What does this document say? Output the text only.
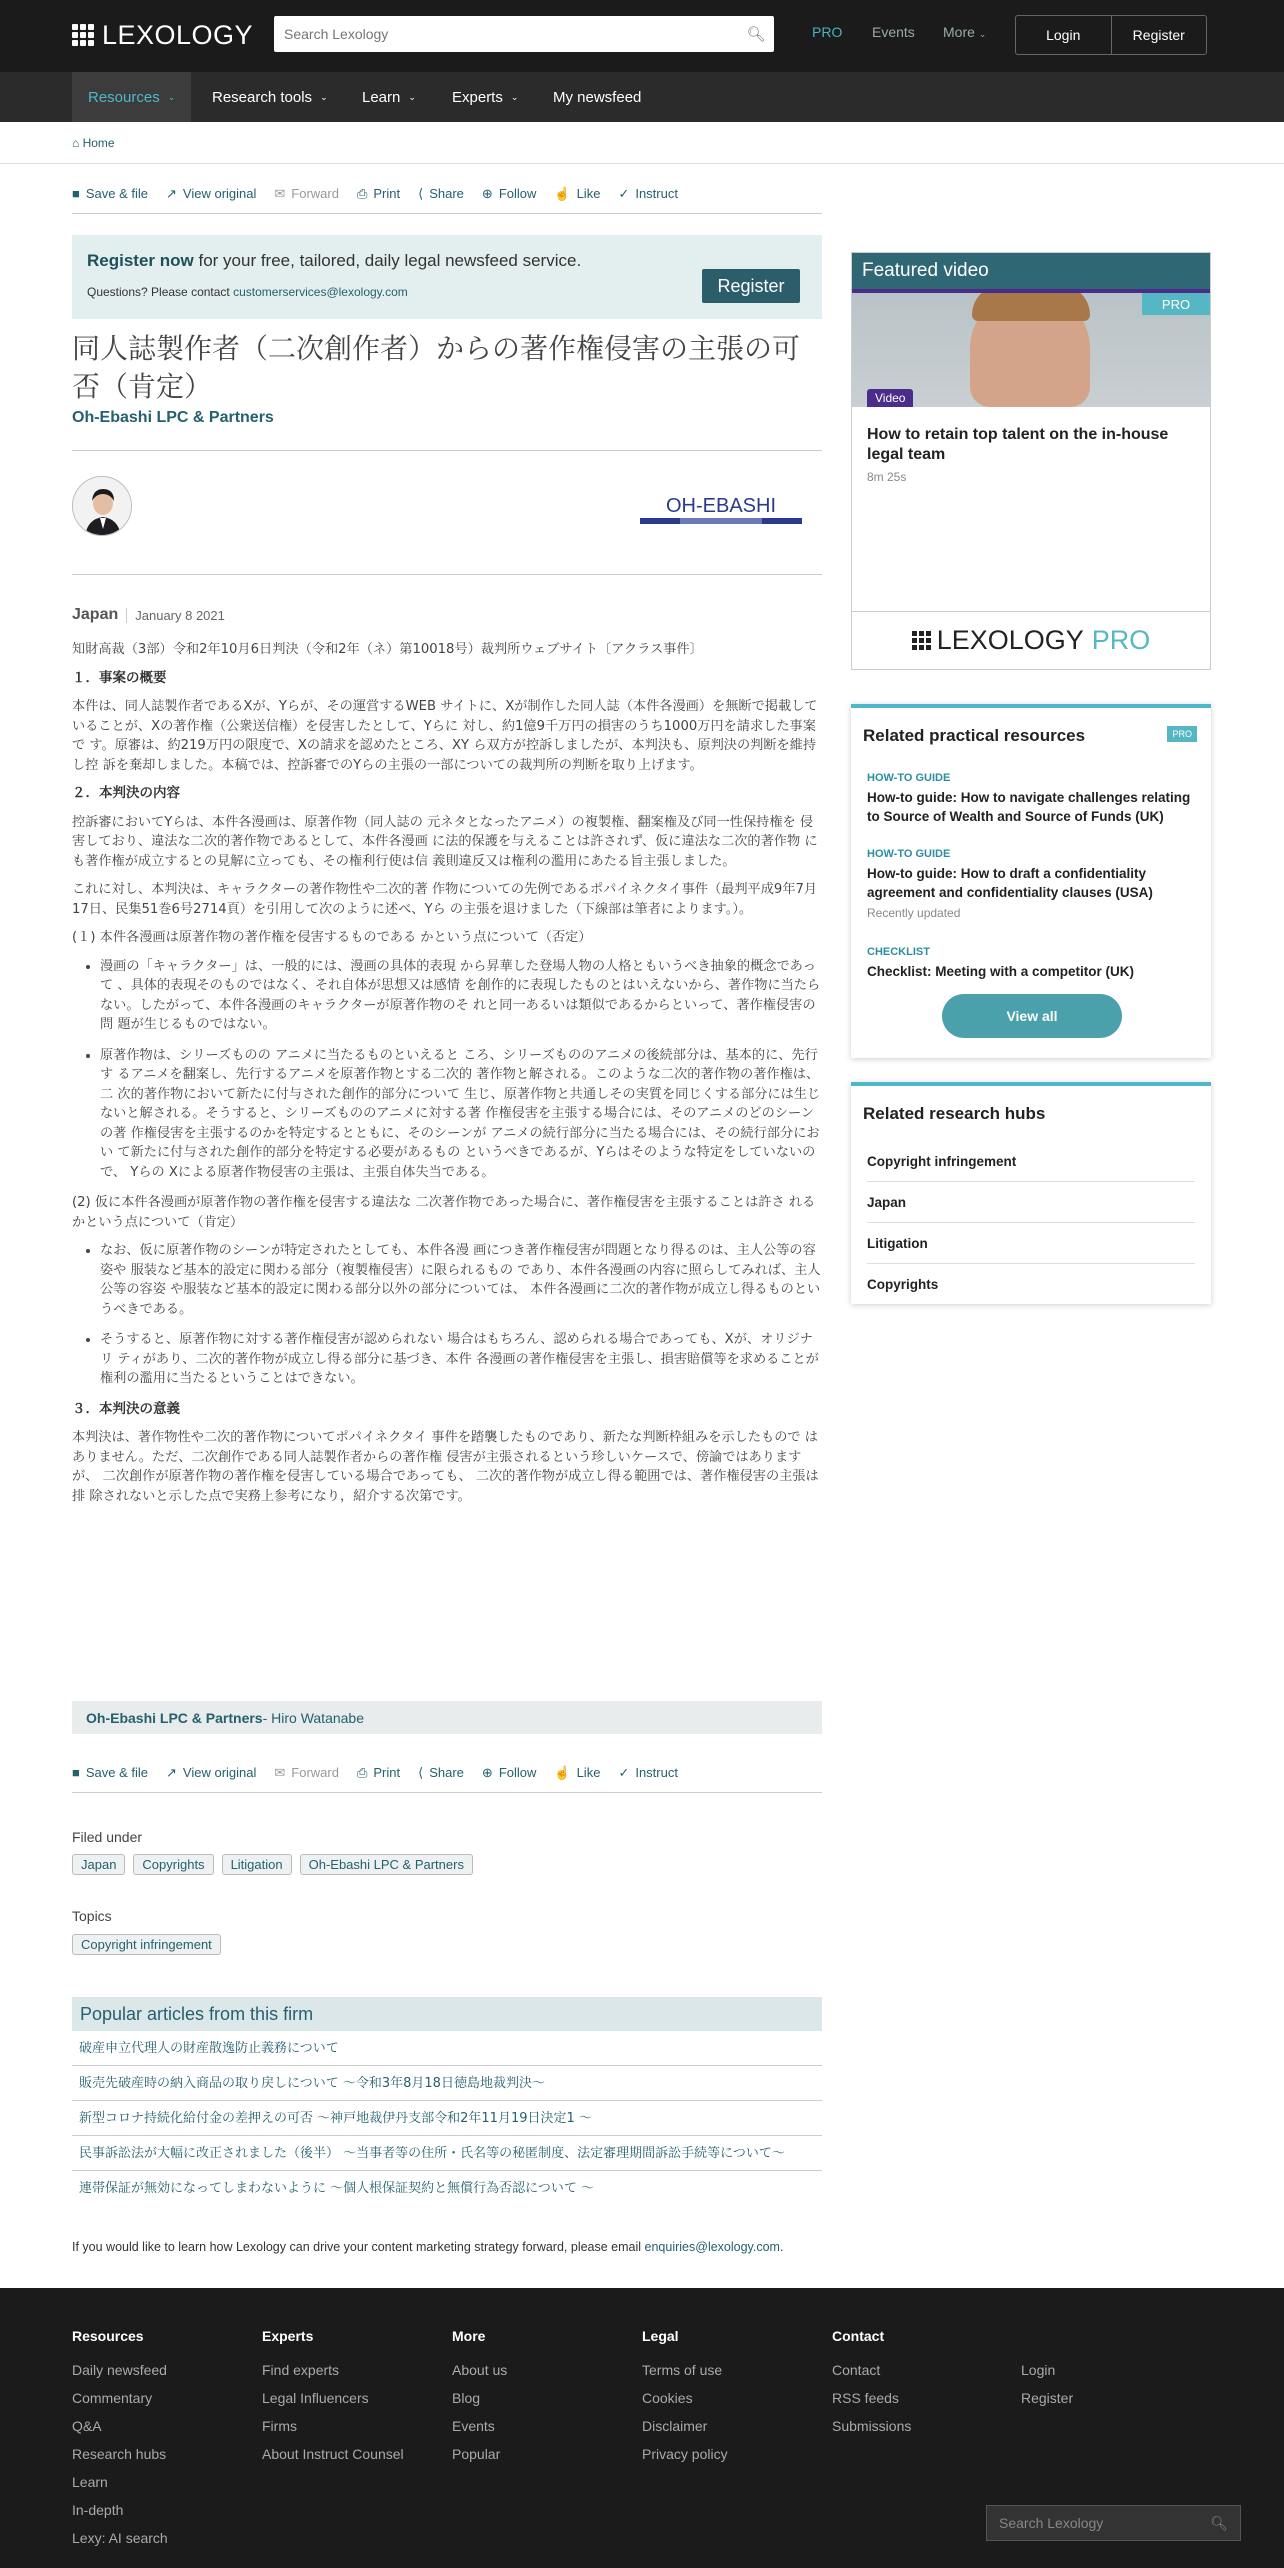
LEXOLOGY
Search Lexology	🔍︎	PRO Events More ⌄	Login	Register
Resources ⌄ Research tools ⌄ Learn ⌄ Experts ⌄ My newsfeed
⌂ Home
■ Save & file ↗ View original ✉ Forward ⎙ Print ⟨ Share ⊕ Follow ☝ Like ✓ Instruct
Register now for your free, tailored, daily legal newsfeed service.
Questions? Please contact customerservices@lexology.com	Register
同人誌製作者（二次創作者）からの著作権侵害の主張の可否（肯定）
Oh-Ebashi LPC & Partners
OH-EBASHI
Japan	January 8 2021

知財高裁（3部）令和2年10月6日判決（令和2年（ネ）第10018号）裁判所ウェブサイト〔アクラス事件〕

１．事案の概要

本件は、同人誌製作者であるXが、Yらが、その運営するWEB サイトに、Xが制作した同人誌（本件各漫画）を無断で掲載していることが、Xの著作権（公衆送信権）を侵害したとして、Yらに 対し、約1億9千万円の損害のうち1000万円を請求した事案で す。原審は、約219万円の限度で、Xの請求を認めたところ、XY ら双方が控訴しましたが、本判決も、原判決の判断を維持し控 訴を棄却しました。本稿では、控訴審でのYらの主張の一部についての裁判所の判断を取り上げます。

２．本判決の内容

控訴審においてYらは、本件各漫画は、原著作物（同人誌の 元ネタとなったアニメ）の複製権、翻案権及び同一性保持権を 侵害しており、違法な二次的著作物であるとして、本件各漫画 に法的保護を与えることは許されず、仮に違法な二次的著作物 にも著作権が成立するとの見解に立っても、その権利行使は信 義則違反又は権利の濫用にあたる旨主張しました。

これに対し、本判決は、キャラクターの著作物性や二次的著 作物についての先例であるポパイネクタイ事件（最判平成9年7月17日、民集51巻6号2714頁）を引用して次のように述べ、Yら の主張を退けました（下線部は筆者によります。）。

(１) 本件各漫画は原著作物の著作権を侵害するものである かという点について（否定）

• 漫画の「キャラクター」は、一般的には、漫画の具体的表現 から昇華した登場人物の人格ともいうべき抽象的概念であって 、具体的表現そのものではなく、それ自体が思想又は感情 を創作的に表現したものとはいえないから、著作物に当たら ない。したがって、本件各漫画のキャラクターが原著作物のそ れと同一あるいは類似であるからといって、著作権侵害の問 題が生じるものではない。
• 原著作物は、シリーズものの アニメに当たるものといえると ころ、シリーズもののアニメの後続部分は、基本的に、先行す るアニメを翻案し、先行するアニメを原著作物とする二次的 著作物と解される。このような二次的著作物の著作権は、二 次的著作物において新たに付与された創作的部分について 生じ、原著作物と共通しその実質を同じくする部分には生じ ないと解される。そうすると、シリーズもののアニメに対する著 作権侵害を主張する場合には、そのアニメのどのシーンの著 作権侵害を主張するのかを特定するとともに、そのシーンが アニメの続行部分に当たる場合には、その続行部分におい て新たに付与された創作的部分を特定する必要があるもの というべきであるが、Yらはそのような特定をしていないので、 Yらの Xによる原著作物侵害の主張は、主張自体失当である。

(2) 仮に本件各漫画が原著作物の著作権を侵害する違法な 二次著作物であった場合に、著作権侵害を主張することは許さ れるかという点について（肯定）

• なお、仮に原著作物のシーンが特定されたとしても、本件各漫 画につき著作権侵害が問題となり得るのは、主人公等の容姿や 服装など基本的設定に関わる部分（複製権侵害）に限られるもの であり、本件各漫画の内容に照らしてみれば、主人公等の容姿 や服装など基本的設定に関わる部分以外の部分については、 本件各漫画に二次的著作物が成立し得るものというべきである。
• そうすると、原著作物に対する著作権侵害が認められない 場合はもちろん、認められる場合であっても、Xが、オリジナリ ティがあり、二次的著作物が成立し得る部分に基づき、本件 各漫画の著作権侵害を主張し、損害賠償等を求めることが 権利の濫用に当たるということはできない。
３．本判決の意義

本判決は、著作物性や二次的著作物についてポパイネクタイ 事件を踏襲したものであり、新たな判断枠組みを示したもので はありません。ただ、二次創作である同人誌製作者からの著作権 侵害が主張されるという珍しいケースで、傍論ではありますが、 二次創作が原著作物の著作権を侵害している場合であっても、 二次的著作物が成立し得る範囲では、著作権侵害の主張は排 除されないと示した点で実務上参考になり，紹介する次第です。

Oh-Ebashi LPC & Partners - Hiro Watanabe
■ Save & file ↗ View original ✉ Forward ⎙ Print ⟨ Share ⊕ Follow ☝ Like ✓ Instruct
Filed under
Japan	Copyrights	Litigation	Oh-Ebashi LPC & Partners
Topics
Copyright infringement
Popular articles from this firm
破産申立代理人の財産散逸防止義務について
販売先破産時の納入商品の取り戻しについて ～令和3年8月18日徳島地裁判決～
新型コロナ持続化給付金の差押えの可否 ～神戸地裁伊丹支部令和2年11月19日決定1 ～
民事訴訟法が大幅に改正されました（後半） ～当事者等の住所・氏名等の秘匿制度、法定審理期間訴訟手続等について～
連帯保証が無効になってしまわないように ～個人根保証契約と無償行為否認について ～
If you would like to learn how Lexology can drive your content marketing strategy forward, please email enquiries@lexology.com.
Featured video
PRO
Video
How to retain top talent on the in-house legal team
8m 25s
LEXOLOGY PRO
Related practical resources	PRO
HOW-TO GUIDE
How-to guide: How to navigate challenges relating to Source of Wealth and Source of Funds (UK)
HOW-TO GUIDE
How-to guide: How to draft a confidentiality agreement and confidentiality clauses (USA)
Recently updated
CHECKLIST
Checklist: Meeting with a competitor (UK)
View all
Related research hubs
Copyright infringement
Japan
Litigation
Copyrights
Resources
Daily newsfeed
Commentary
Q&A
Research hubs
Learn
In-depth
Lexy: AI search
Experts
Find experts
Legal Influencers
Firms
About Instruct Counsel
More
About us
Blog
Events
Popular
Legal
Terms of use
Cookies
Disclaimer
Privacy policy
Contact
Contact
RSS feeds
Submissions
Login
Register
Search Lexology	🔍︎
